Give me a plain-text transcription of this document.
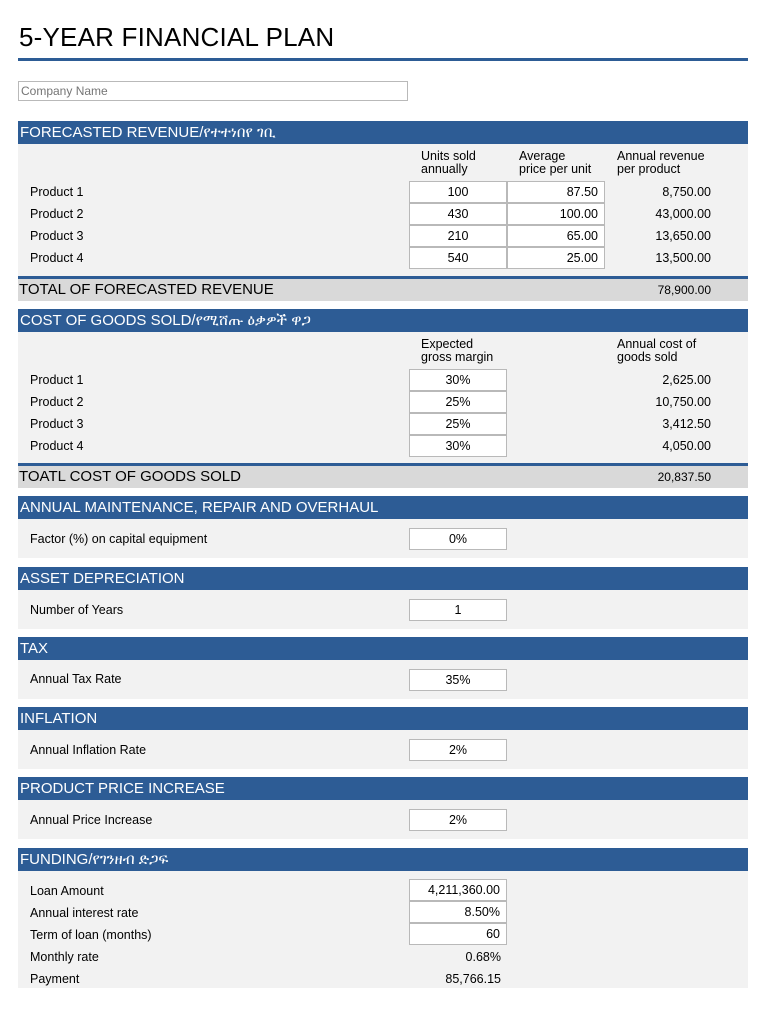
5-YEAR FINANCIAL PLAN
Company Name
FORECASTED REVENUE/የተተነበየ ገቢ
Units sold
annually
Average
price per unit
Annual revenue
per product
Product 1	100	87.50	8,750.00
Product 2	430	100.00	43,000.00
Product 3	210	65.00	13,650.00
Product 4	540	25.00	13,500.00
TOTAL OF FORECASTED REVENUE	78,900.00
COST OF GOODS SOLD/የሚሸጡ ዕቃዎች ዋጋ
Expected
gross margin
Annual cost of
goods sold
Product 1	30%	2,625.00
Product 2	25%	10,750.00
Product 3	25%	3,412.50
Product 4	30%	4,050.00
TOATL COST OF GOODS SOLD	20,837.50
ANNUAL MAINTENANCE, REPAIR AND OVERHAUL
Factor (%) on capital equipment	0%
ASSET DEPRECIATION
Number of Years	1
TAX
Annual Tax Rate	35%
INFLATION
Annual Inflation Rate	2%
PRODUCT PRICE INCREASE
Annual Price Increase	2%
FUNDING/የገንዘብ ድጋፍ
Loan Amount	4,211,360.00
Annual interest rate	8.50%
Term of loan (months)	60
Monthly rate	0.68%
Payment	85,766.15
